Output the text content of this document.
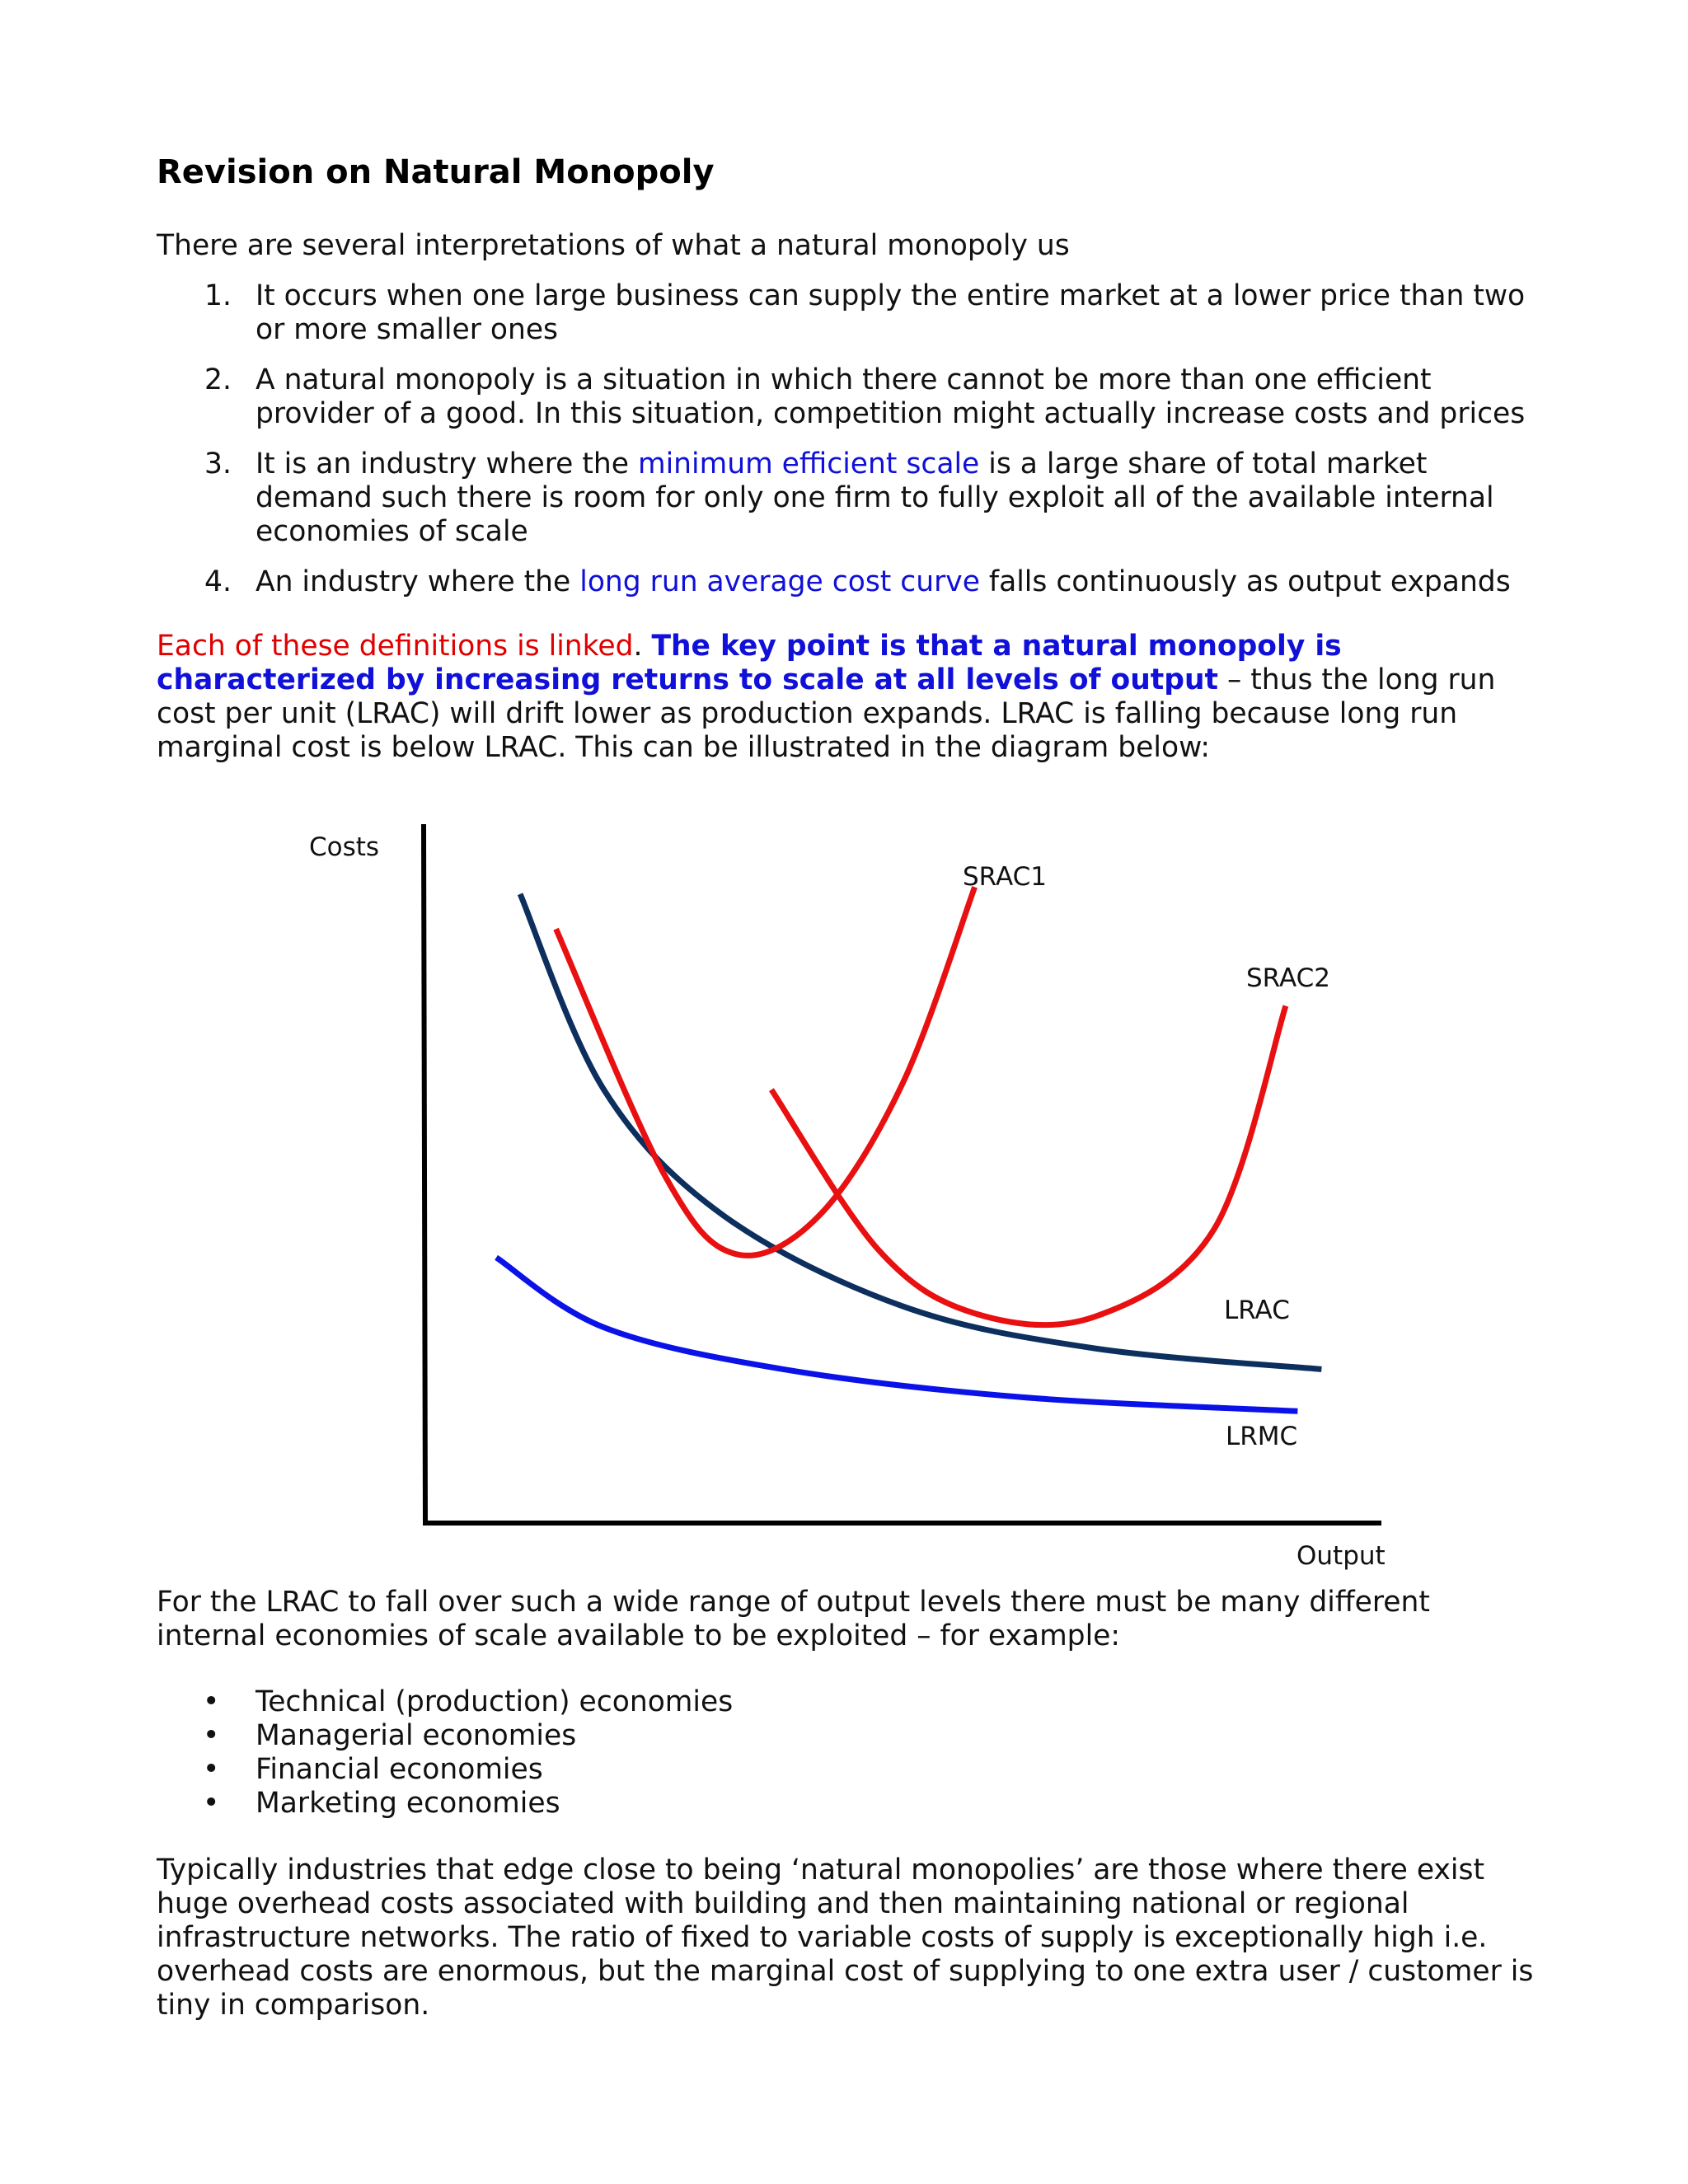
Revision on Natural Monopoly

There are several interpretations of what a natural monopoly us

1. It occurs when one large business can supply the entire market at a lower price than two or more smaller ones
2. A natural monopoly is a situation in which there cannot be more than one efficient provider of a good. In this situation, competition might actually increase costs and prices
3. It is an industry where the minimum efficient scale is a large share of total market demand such there is room for only one firm to fully exploit all of the available internal economies of scale
4. An industry where the long run average cost curve falls continuously as output expands

Each of these definitions is linked. The key point is that a natural monopoly is characterized by increasing returns to scale at all levels of output – thus the long run cost per unit (LRAC) will drift lower as production expands. LRAC is falling because long run marginal cost is below LRAC. This can be illustrated in the diagram below:

Costs
Output
SRAC1
SRAC2
LRAC
LRMC

For the LRAC to fall over such a wide range of output levels there must be many different internal economies of scale available to be exploited – for example:

• Technical (production) economies
• Managerial economies
• Financial economies
• Marketing economies

Typically industries that edge close to being ‘natural monopolies’ are those where there exist huge overhead costs associated with building and then maintaining national or regional infrastructure networks. The ratio of fixed to variable costs of supply is exceptionally high i.e. overhead costs are enormous, but the marginal cost of supplying to one extra user / customer is tiny in comparison.
